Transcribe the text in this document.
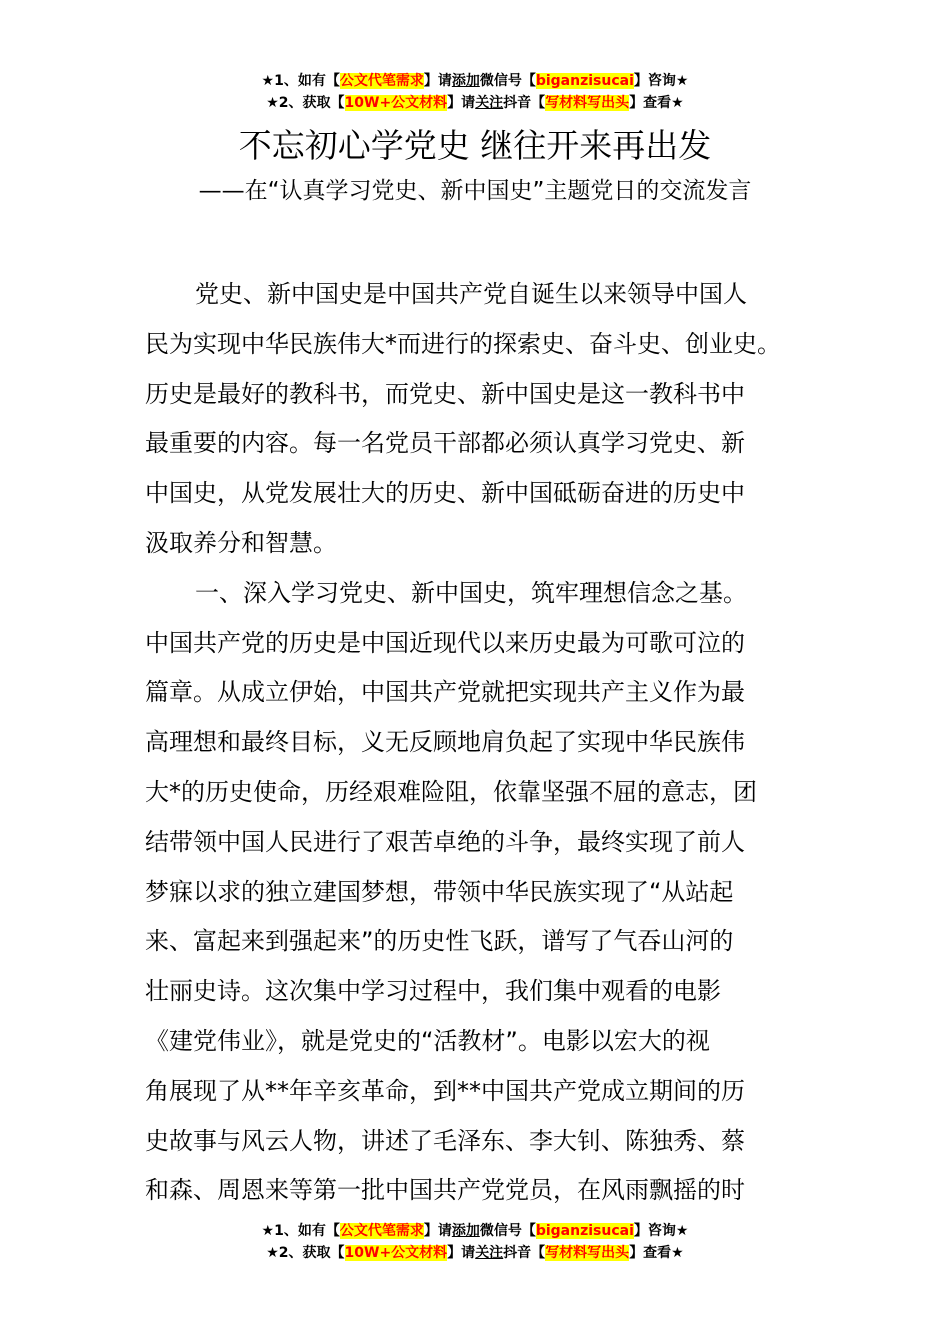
★1、如有【公文代笔需求】请添加微信号【biganzisucai】咨询★
★2、获取【10W+公文材料】请关注抖音【写材料写出头】查看★
不忘初心学党史 继往开来再出发
——在“认真学习党史、新中国史”主题党日的交流发言
党史、新中国史是中国共产党自诞生以来领导中国人
民为实现中华民族伟大*而进行的探索史、奋斗史、创业史。
历史是最好的教科书，而党史、新中国史是这一教科书中
最重要的内容。每一名党员干部都必须认真学习党史、新
中国史，从党发展壮大的历史、新中国砥砺奋进的历史中
汲取养分和智慧。
一、深入学习党史、新中国史，筑牢理想信念之基。
中国共产党的历史是中国近现代以来历史最为可歌可泣的
篇章。从成立伊始，中国共产党就把实现共产主义作为最
高理想和最终目标，义无反顾地肩负起了实现中华民族伟
大*的历史使命，历经艰难险阻，依靠坚强不屈的意志，团
结带领中国人民进行了艰苦卓绝的斗争，最终实现了前人
梦寐以求的独立建国梦想，带领中华民族实现了“从站起
来、富起来到强起来”的历史性飞跃，谱写了气吞山河的
壮丽史诗。这次集中学习过程中，我们集中观看的电影
《建党伟业》，就是党史的“活教材”。电影以宏大的视
角展现了从**年辛亥革命，到**中国共产党成立期间的历
史故事与风云人物，讲述了毛泽东、李大钊、陈独秀、蔡
和森、周恩来等第一批中国共产党党员，在风雨飘摇的时
★1、如有【公文代笔需求】请添加微信号【biganzisucai】咨询★
★2、获取【10W+公文材料】请关注抖音【写材料写出头】查看★
